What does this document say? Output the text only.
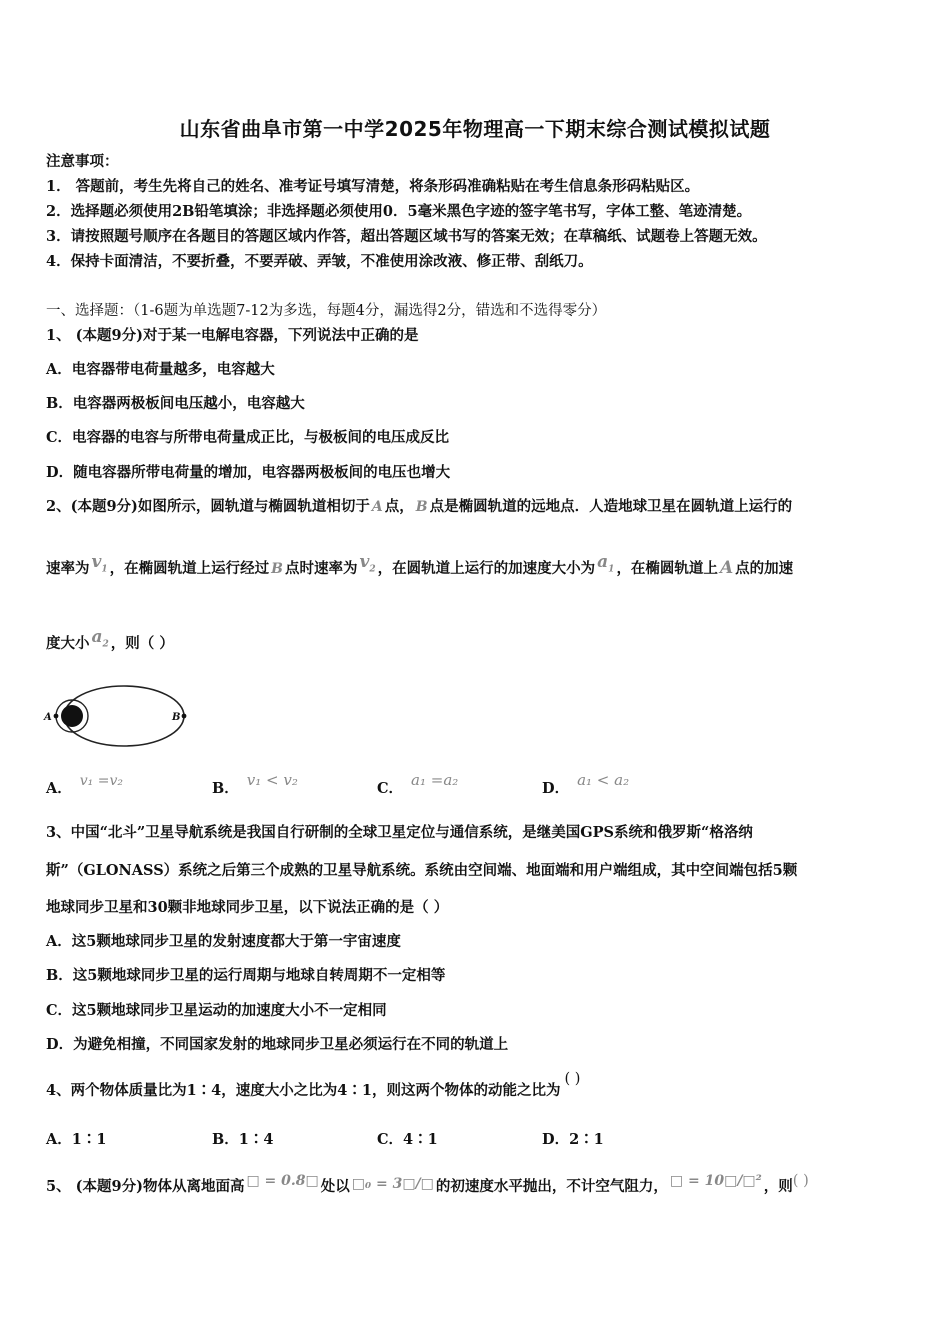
山东省曲阜市第一中学2025年物理高一下期末综合测试模拟试题
注意事项：
1． 答题前，考生先将自己的姓名、准考证号填写清楚，将条形码准确粘贴在考生信息条形码粘贴区。
2．选择题必须使用2B铅笔填涂；非选择题必须使用0．5毫米黑色字迹的签字笔书写，字体工整、笔迹清楚。
3．请按照题号顺序在各题目的答题区域内作答，超出答题区域书写的答案无效；在草稿纸、试题卷上答题无效。
4．保持卡面清洁，不要折叠，不要弄破、弄皱，不准使用涂改液、修正带、刮纸刀。
一、选择题：（1-6题为单选题7-12为多选，每题4分，漏选得2分，错选和不选得零分）
1、 (本题9分)对于某一电解电容器，下列说法中正确的是
A．电容器带电荷量越多，电容越大
B．电容器两极板间电压越小，电容越大
C．电容器的电容与所带电荷量成正比，与极板间的电压成反比
D．随电容器所带电荷量的增加，电容器两极板间的电压也增大
2、(本题9分)如图所示，圆轨道与椭圆轨道相切于 A 点， B 点是椭圆轨道的远地点．人造地球卫星在圆轨道上运行的
速率为 $v_1$ ，在椭圆轨道上运行经过 B 点时速率为 $v_2$ ，在圆轨道上运行的加速度大小为 $a_1$ ，在椭圆轨道上 A 点的加速
度大小 $a_2$ ，则（ ）
A	B
A． v₁ =v₂	B． v₁ < v₂	C． a₁ =a₂	D． a₁ < a₂
3、中国“北斗”卫星导航系统是我国自行研制的全球卫星定位与通信系统，是继美国GPS系统和俄罗斯“格洛纳
斯”（GLONASS）系统之后第三个成熟的卫星导航系统。系统由空间端、地面端和用户端组成，其中空间端包括5颗
地球同步卫星和30颗非地球同步卫星，以下说法正确的是（ ）
A．这5颗地球同步卫星的发射速度都大于第一宇宙速度
B．这5颗地球同步卫星的运行周期与地球自转周期不一定相等
C．这5颗地球同步卫星运动的加速度大小不一定相同
D．为避免相撞，不同国家发射的地球同步卫星必须运行在不同的轨道上
4、两个物体质量比为1∶4，速度大小之比为4∶1，则这两个物体的动能之比为( )
A．1∶1	B．1∶4	C．4∶1	D．2∶1
5、 (本题9分)物体从离地面高 □ = 0.8□ 处以 □₀ = 3□/□ 的初速度水平抛出，不计空气阻力， □ = 10□/□² ，则( )
